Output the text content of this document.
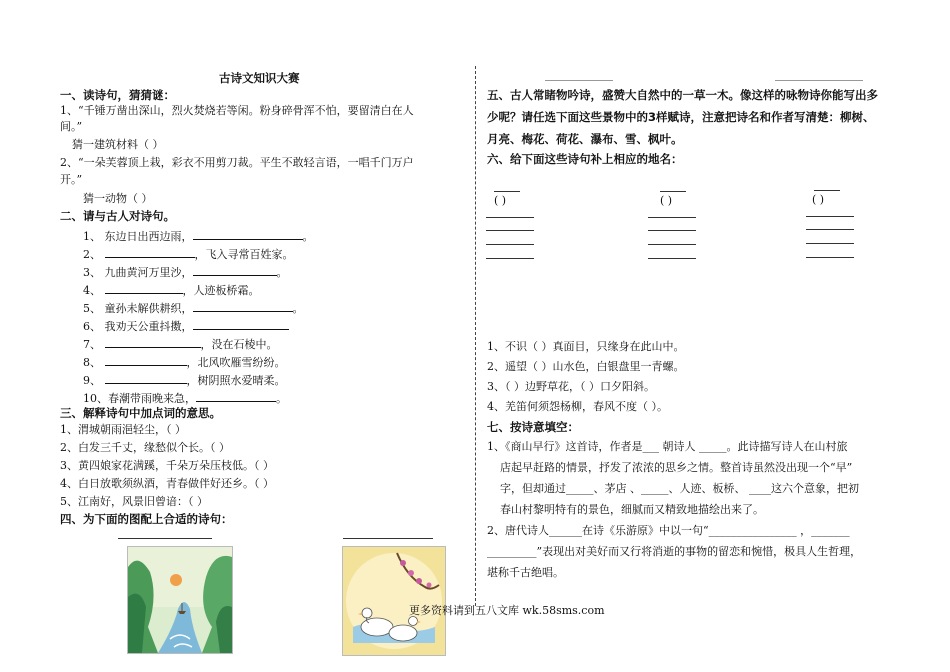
古诗文知识大赛
一、读诗句，猜猜谜：
1、“千锤万凿出深山，烈火焚烧若等闲。粉身碎骨浑不怕，要留清白在人
间。”
猜一建筑材料（ ）
2、“一朵芙蓉顶上栽，彩衣不用剪刀裁。平生不敢轻言语，一唱千门万户
开。”
猜一动物（ ）
二、请与古人对诗句。
1、 东边日出西边雨，	。
2、	，飞入寻常百姓家。
3、 九曲黄河万里沙，	。
4、	，人迹板桥霜。
5、 童孙未解供耕织，	。
6、 我劝天公重抖擞，
7、	，没在石棱中。
8、	，北风吹雁雪纷纷。
9、	，树阴照水爱晴柔。
10、春潮带雨晚来急，	。
三、解释诗句中加点词的意思。
1、渭城朝雨浥轻尘，（ ）
2、白发三千丈，缘愁似个长。（ ）
3、黄四娘家花满蹊，千朵万朵压枝低。（ ）
4、白日放歌须纵酒，青春做伴好还乡。（ ）
5、江南好，风景旧曾谙：（ ）
四、为下面的图配上合适的诗句：
更多资料请到五八文库 wk.58sms.com
五、古人常睹物吟诗，盛赞大自然中的一草一木。像这样的咏物诗你能写出多
少呢？请任选下面这些景物中的3样赋诗，注意把诗名和作者写清楚：柳树、
月亮、梅花、荷花、瀑布、雪、枫叶。
六、给下面这些诗句补上相应的地名：
( )	( )	( )
1、不识（ ）真面目，只缘身在此山中。
2、遥望（ ）山水色，白银盘里一青螺。
3、（ ）边野草花，（ ）口夕阳斜。
4、羌笛何须怨杨柳，春风不度（ ）。
七、按诗意填空：
1、《商山早行》这首诗，作者是___ 朝诗人 _____。此诗描写诗人在山村旅
店起早赶路的情景，抒发了浓浓的思乡之情。整首诗虽然没出现一个“早”
字，但却通过_____、茅店 、_____、人迹、板桥、 ____这六个意象，把初
春山村黎明特有的景色，细腻而又精致地描绘出来了。
2、唐代诗人______在诗《乐游原》中以一句“________________ ，_______
_________”表现出对美好而又行将消逝的事物的留恋和惋惜，极具人生哲理，
堪称千古绝唱。
